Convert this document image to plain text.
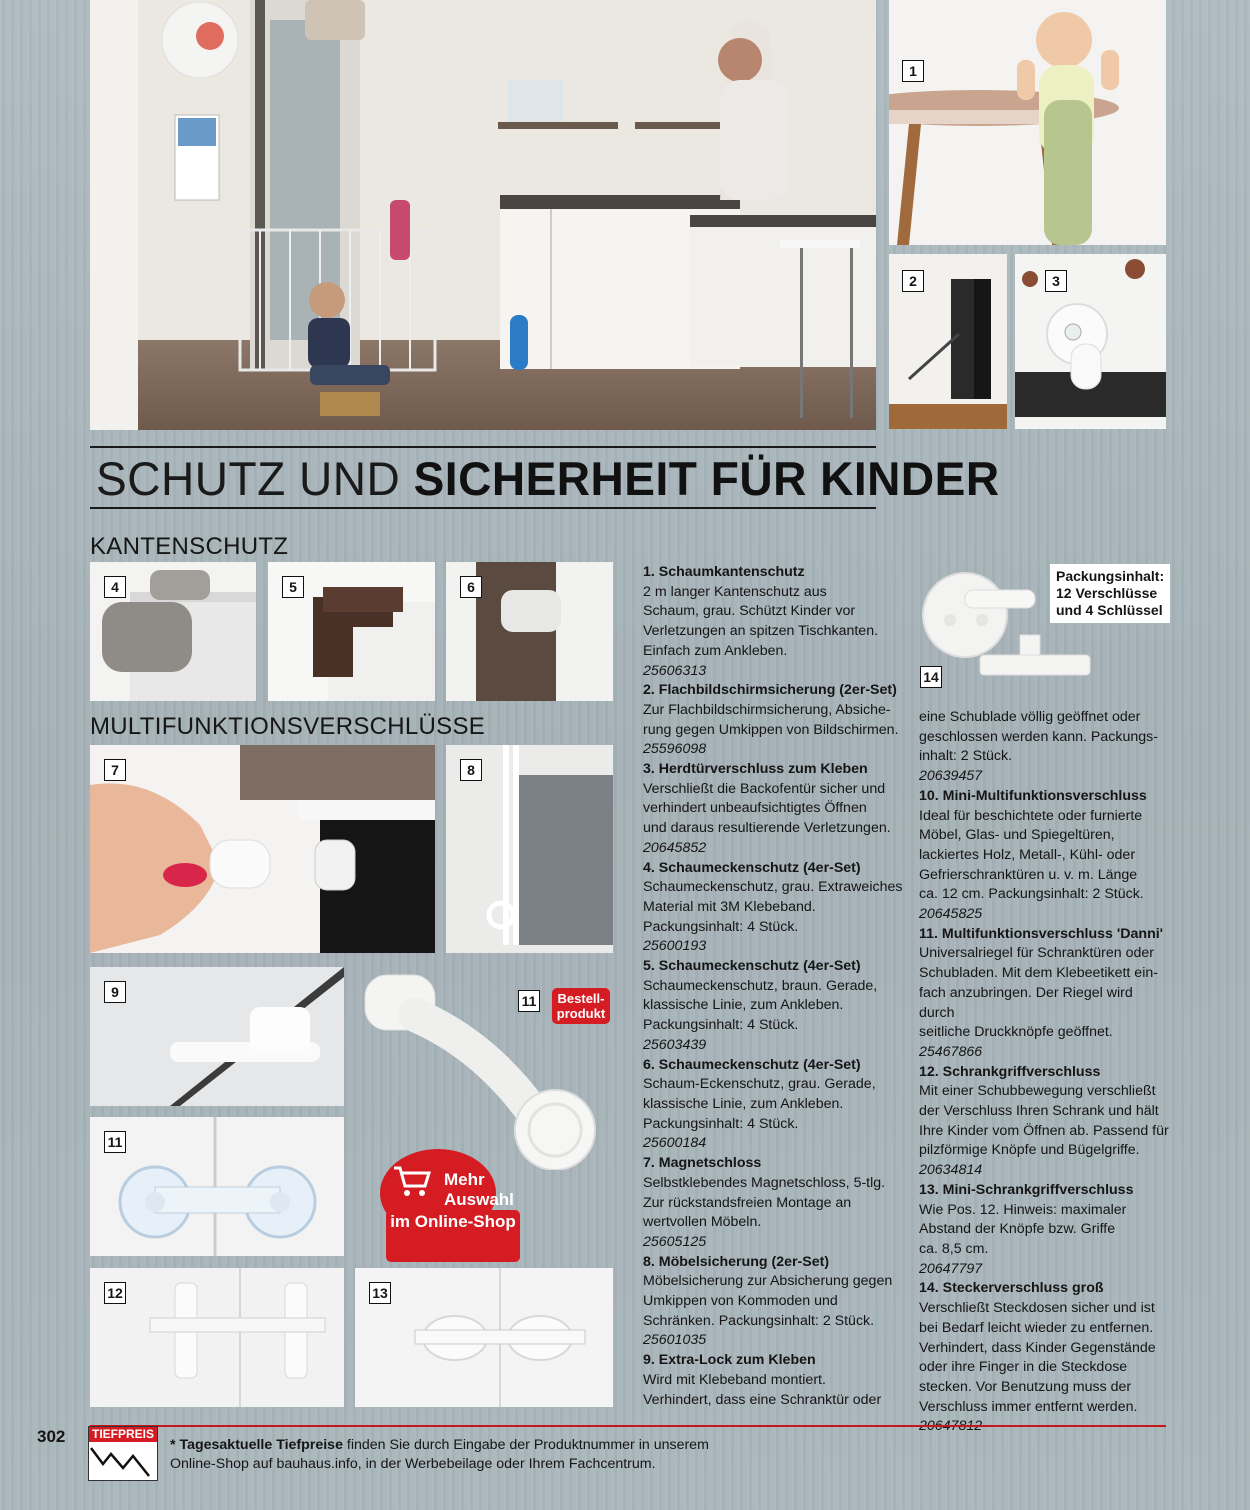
1
2	3
4	5	6
7	8
9
11	Bestell-
produkt
11
Mehr
Auswahl
im Online-Shop
12	13
14
Packungsinhalt:
12 Verschlüsse
und 4 Schlüssel
SCHUTZ UND SICHERHEIT FÜR KINDER
KANTENSCHUTZ
MULTIFUNKTIONSVERSCHLÜSSE
1. Schaumkantenschutz
2 m langer Kantenschutz aus
Schaum, grau. Schützt Kinder vor
Verletzungen an spitzen Tischkanten.
Einfach zum Ankleben.
25606313
2. Flachbildschirmsicherung (2er-Set)
Zur Flachbildschirmsicherung, Absiche-
rung gegen Umkippen von Bildschirmen.
25596098
3. Herdtürverschluss zum Kleben
Verschließt die Backofentür sicher und
verhindert unbeaufsichtigtes Öffnen
und daraus resultierende Verletzungen.
20645852
4. Schaumeckenschutz (4er-Set)
Schaumeckenschutz, grau. Extraweiches
Material mit 3M Klebeband.
Packungsinhalt: 4 Stück.
25600193
5. Schaumeckenschutz (4er-Set)
Schaumeckenschutz, braun. Gerade,
klassische Linie, zum Ankleben.
Packungsinhalt: 4 Stück.
25603439
6. Schaumeckenschutz (4er-Set)
Schaum-Eckenschutz, grau. Gerade,
klassische Linie, zum Ankleben.
Packungsinhalt: 4 Stück.
25600184
7. Magnetschloss
Selbstklebendes Magnetschloss, 5-tlg.
Zur rückstandsfreien Montage an
wertvollen Möbeln.
25605125
8. Möbelsicherung (2er-Set)
Möbelsicherung zur Absicherung gegen
Umkippen von Kommoden und
Schränken. Packungsinhalt: 2 Stück.
25601035
9. Extra-Lock zum Kleben
Wird mit Klebeband montiert.
Verhindert, dass eine Schranktür oder
eine Schublade völlig geöffnet oder
geschlossen werden kann. Packungs-
inhalt: 2 Stück.
20639457
10. Mini-Multifunktionsverschluss
Ideal für beschichtete oder furnierte
Möbel, Glas- und Spiegeltüren,
lackiertes Holz, Metall-, Kühl- oder
Gefrierschranktüren u. v. m. Länge
ca. 12 cm. Packungsinhalt: 2 Stück.
20645825
11. Multifunktionsverschluss 'Danni'
Universalriegel für Schranktüren oder
Schubladen. Mit dem Klebeetikett ein-
fach anzubringen. Der Riegel wird durch
seitliche Druckknöpfe geöffnet.
25467866
12. Schrankgriffverschluss
Mit einer Schubbewegung verschließt
der Verschluss Ihren Schrank und hält
Ihre Kinder vom Öffnen ab. Passend für
pilzförmige Knöpfe und Bügelgriffe.
20634814
13. Mini-Schrankgriffverschluss
Wie Pos. 12. Hinweis: maximaler
Abstand der Knöpfe bzw. Griffe
ca. 8,5 cm.
20647797
14. Steckerverschluss groß
Verschließt Steckdosen sicher und ist
bei Bedarf leicht wieder zu entfernen.
Verhindert, dass Kinder Gegenstände
oder ihre Finger in die Steckdose
stecken. Vor Benutzung muss der
Verschluss immer entfernt werden.
302 TIEFPREIS
* Tagesaktuelle Tiefpreise finden Sie durch Eingabe der Produktnummer in unserem
Online-Shop auf bauhaus.info, in der Werbebeilage oder Ihrem Fachcentrum.
